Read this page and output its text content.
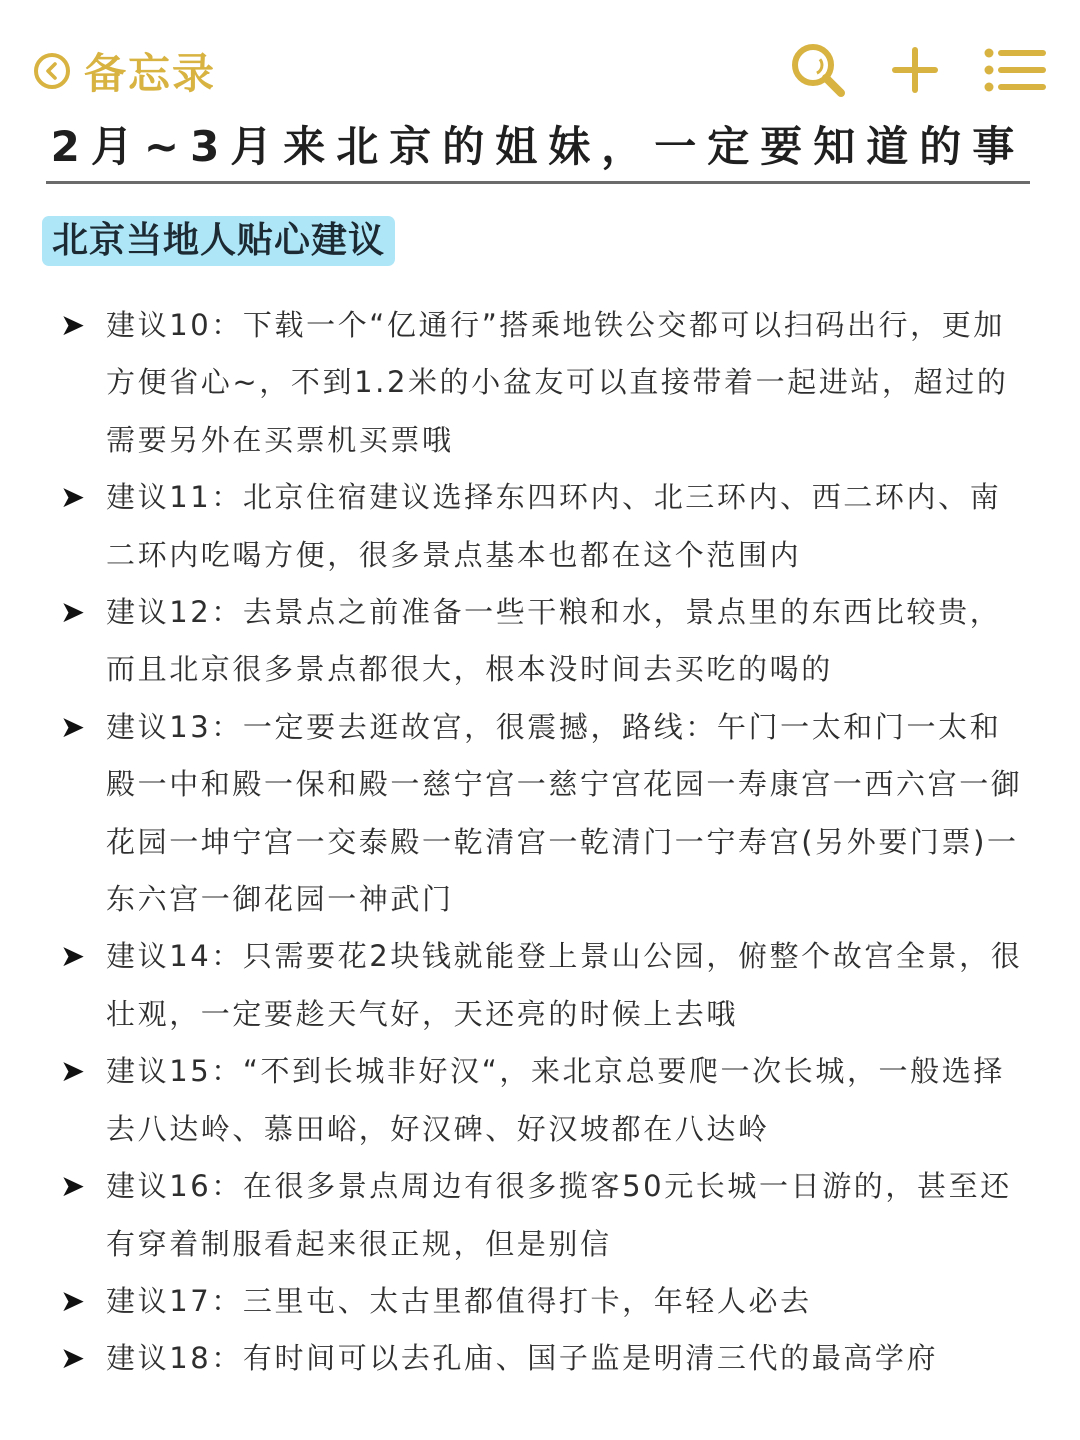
备忘录
2月~3月来北京的姐妹，一定要知道的事
北京当地人贴心建议
➤ 建议10：下载一个“亿通行”搭乘地铁公交都可以扫码出行，更加方便省心~，不到1.2米的小盆友可以直接带着一起进站，超过的需要另外在买票机买票哦
➤ 建议11：北京住宿建议选择东四环内、北三环内、西二环内、南二环内吃喝方便，很多景点基本也都在这个范围内
➤ 建议12：去景点之前准备一些干粮和水，景点里的东西比较贵，而且北京很多景点都很大，根本没时间去买吃的喝的
➤ 建议13：一定要去逛故宫，很震撼，路线：午门一太和门一太和殿一中和殿一保和殿一慈宁宫一慈宁宫花园一寿康宫一西六宫一御花园一坤宁宫一交泰殿一乾清宫一乾清门一宁寿宫(另外要门票)一东六宫一御花园一神武门
➤ 建议14：只需要花2块钱就能登上景山公园，俯整个故宫全景，很壮观，一定要趁天气好，天还亮的时候上去哦
➤ 建议15：“不到长城非好汉“，来北京总要爬一次长城，一般选择去八达岭、慕田峪，好汉碑、好汉坡都在八达岭
➤ 建议16：在很多景点周边有很多揽客50元长城一日游的，甚至还有穿着制服看起来很正规，但是别信
➤ 建议17：三里屯、太古里都值得打卡，年轻人必去
➤ 建议18：有时间可以去孔庙、国子监是明清三代的最高学府
